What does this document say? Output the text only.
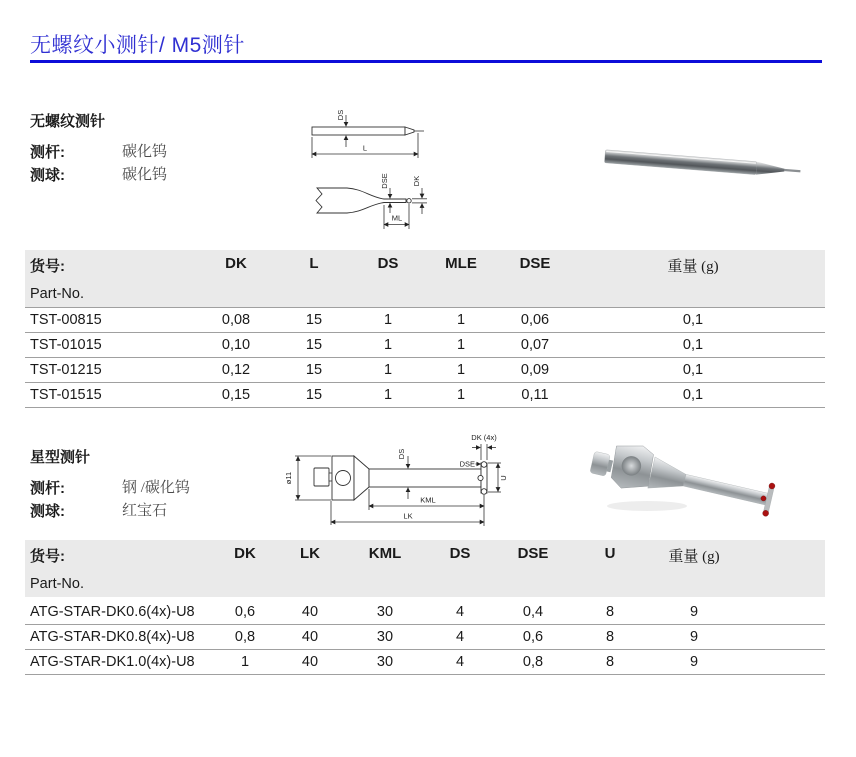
无螺纹小测针/ M5测针
无螺纹测针
测杆:	碳化钨
测球:	碳化钨
DS
L
DSE	DK
ML
货号:
Part-No.
DK	L	DS	MLE	DSE	重量 (g)
TST-00815	0,08	15	1	1	0,06	0,1
TST-01015	0,10	15	1	1	0,07	0,1
TST-01215	0,12	15	1	1	0,09	0,1
TST-01515	0,15	15	1	1	0,11	0,1
星型测针
测杆:	钢 /碳化钨
测球:	红宝石
ø11
DS
DK (4x)
DSE
U
KML
LK
货号:
Part-No.
DK	LK	KML	DS	DSE	U	重量 (g)
ATG-STAR-DK0.6(4x)-U8	0,6	40	30	4	0,4	8	9
ATG-STAR-DK0.8(4x)-U8	0,8	40	30	4	0,6	8	9
ATG-STAR-DK1.0(4x)-U8	1	40	30	4	0,8	8	9
